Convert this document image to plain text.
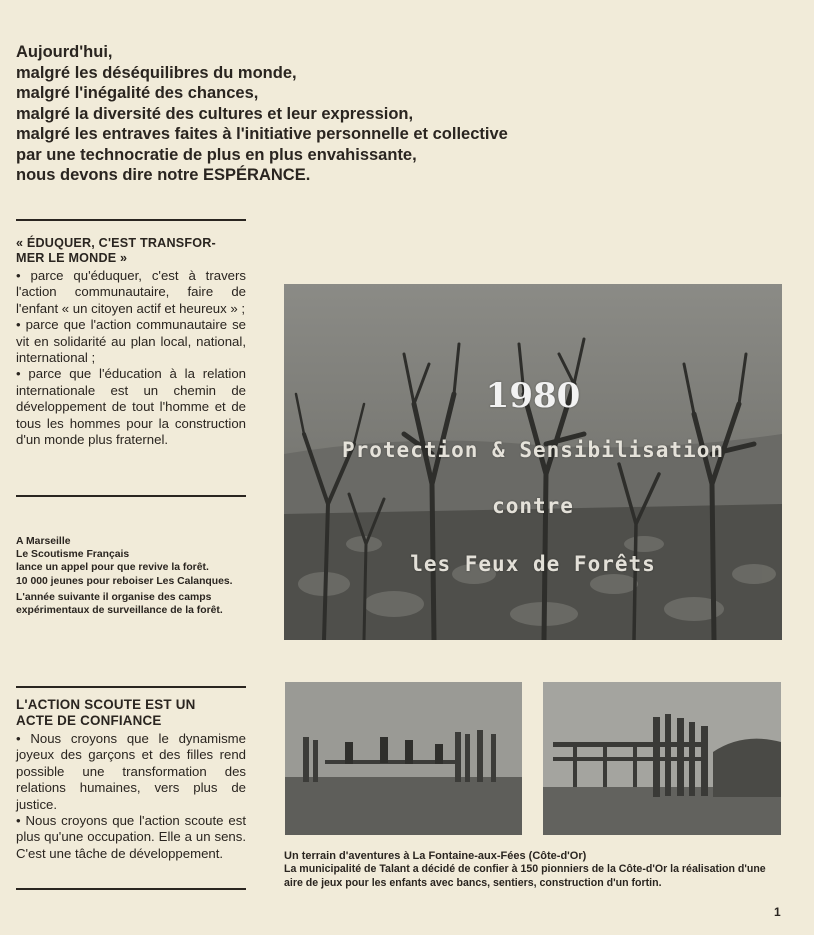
Aujourd'hui,
malgré les déséquilibres du monde,
malgré l'inégalité des chances,
malgré la diversité des cultures et leur expression,
malgré les entraves faites à l'initiative personnelle et collective
par une technocratie de plus en plus envahissante,
nous devons dire notre ESPÉRANCE.
« ÉDUQUER, C'EST TRANSFOR-
MER LE MONDE »

• parce qu'éduquer, c'est à travers l'action communautaire, faire de l'enfant « un citoyen actif et heureux » ;

• parce que l'action communautaire se vit en solidarité au plan local, national, international ;

• parce que l'éducation à la relation internationale est un chemin de développement de tout l'homme et de tous les hommes pour la construction d'un monde plus fraternel.

A Marseille

Le Scoutisme Français

lance un appel pour que revive la forêt.

10 000 jeunes pour reboiser Les Calanques.

L'année suivante il organise des camps expérimentaux de surveillance de la forêt.

L'ACTION SCOUTE EST UN
ACTE DE CONFIANCE

• Nous croyons que le dynamisme joyeux des garçons et des filles rend possible une transformation des relations humaines, vers plus de justice.

• Nous croyons que l'action scoute est plus qu'une occupation. Elle a un sens. C'est une tâche de développement.

1980
Protection & Sensibilisation
contre
les Feux de Forêts
Un terrain d'aventures à La Fontaine-aux-Fées (Côte-d'Or)
La municipalité de Talant a décidé de confier à 150 pionniers de la Côte-d'Or la réalisation d'une aire de jeux pour les enfants avec bancs, sentiers, construction d'un fortin.
1
